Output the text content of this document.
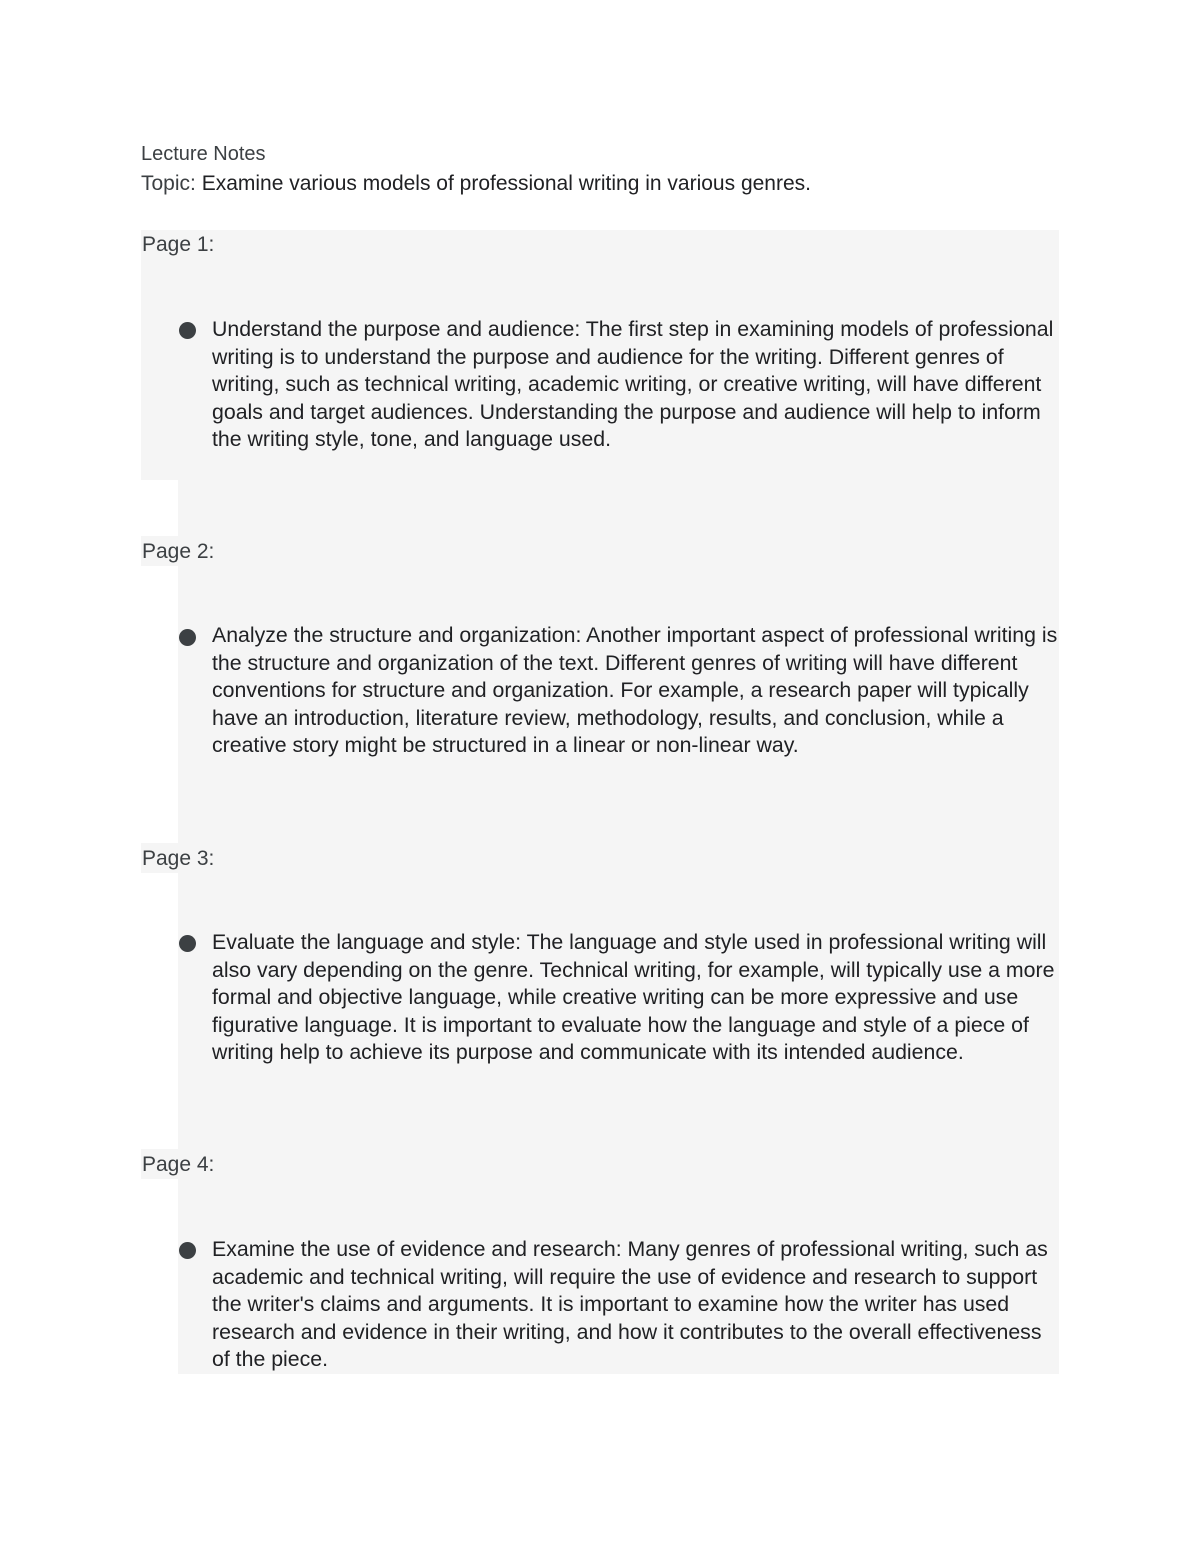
Lecture Notes
Topic: Examine various models of professional writing in various genres.
Page 1:
Understand the purpose and audience: The first step in examining models of professional writing is to understand the purpose and audience for the writing. Different genres of writing, such as technical writing, academic writing, or creative writing, will have different goals and target audiences. Understanding the purpose and audience will help to inform the writing style, tone, and language used.
Page 2:
Analyze the structure and organization: Another important aspect of professional writing is the structure and organization of the text. Different genres of writing will have different conventions for structure and organization. For example, a research paper will typically have an introduction, literature review, methodology, results, and conclusion, while a creative story might be structured in a linear or non-linear way.
Page 3:
Evaluate the language and style: The language and style used in professional writing will also vary depending on the genre. Technical writing, for example, will typically use a more formal and objective language, while creative writing can be more expressive and use figurative language. It is important to evaluate how the language and style of a piece of writing help to achieve its purpose and communicate with its intended audience.
Page 4:
Examine the use of evidence and research: Many genres of professional writing, such as academic and technical writing, will require the use of evidence and research to support the writer's claims and arguments. It is important to examine how the writer has used research and evidence in their writing, and how it contributes to the overall effectiveness of the piece.
